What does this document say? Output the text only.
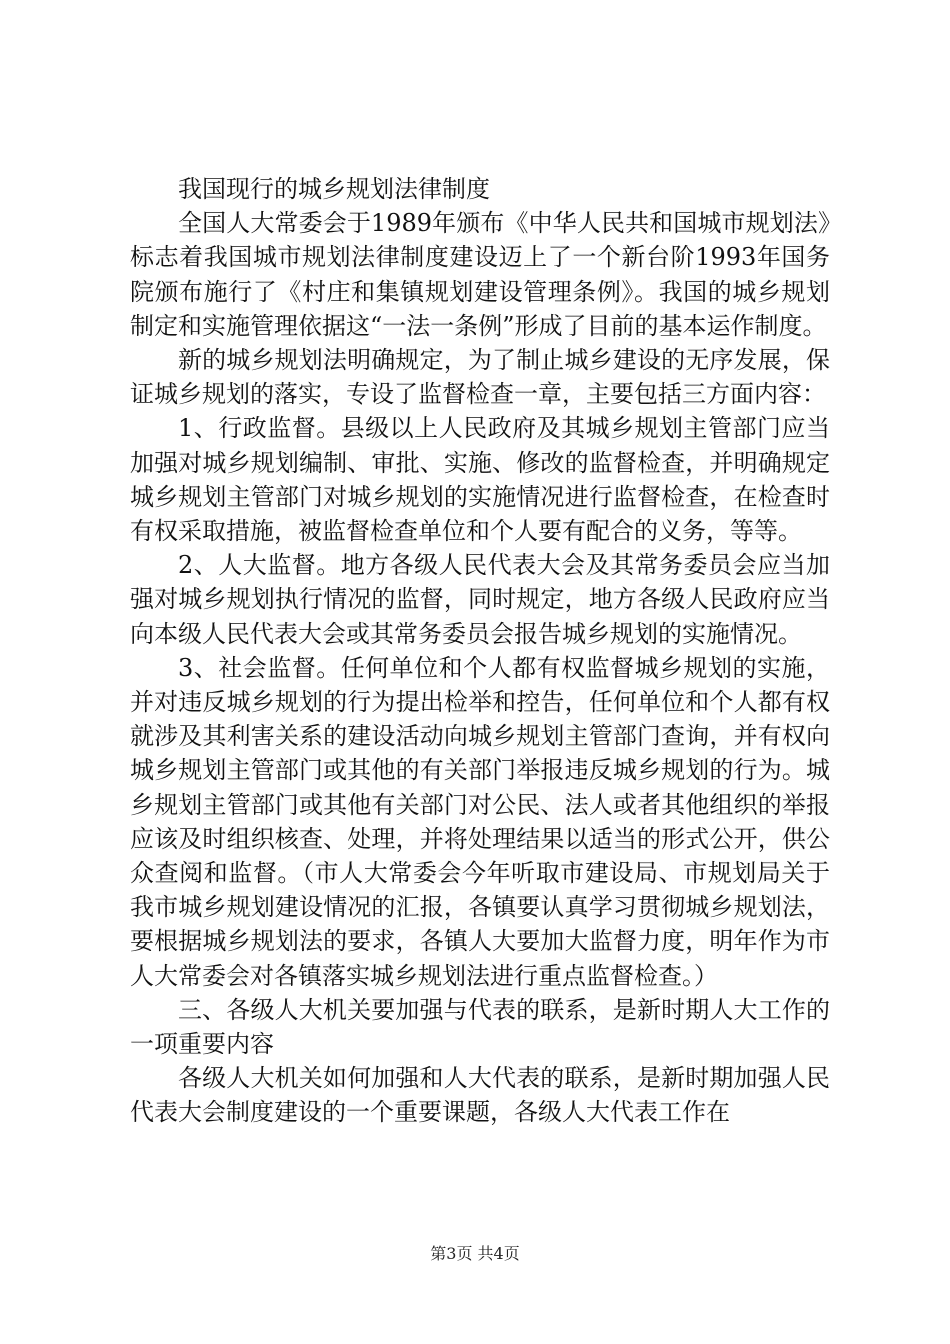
我国现行的城乡规划法律制度

全国人大常委会于1989年颁布《中华人民共和国城市规划法》标志着我国城市规划法律制度建设迈上了一个新台阶1993年国务院颁布施行了《村庄和集镇规划建设管理条例》。我国的城乡规划制定和实施管理依据这“一法一条例”形成了目前的基本运作制度。

新的城乡规划法明确规定，为了制止城乡建设的无序发展，保证城乡规划的落实，专设了监督检查一章，主要包括三方面内容：

1、行政监督。县级以上人民政府及其城乡规划主管部门应当加强对城乡规划编制、审批、实施、修改的监督检查，并明确规定城乡规划主管部门对城乡规划的实施情况进行监督检查，在检查时有权采取措施，被监督检查单位和个人要有配合的义务，等等。

2、人大监督。地方各级人民代表大会及其常务委员会应当加强对城乡规划执行情况的监督，同时规定，地方各级人民政府应当向本级人民代表大会或其常务委员会报告城乡规划的实施情况。

3、社会监督。任何单位和个人都有权监督城乡规划的实施，并对违反城乡规划的行为提出检举和控告，任何单位和个人都有权就涉及其利害关系的建设活动向城乡规划主管部门查询，并有权向城乡规划主管部门或其他的有关部门举报违反城乡规划的行为。城乡规划主管部门或其他有关部门对公民、法人或者其他组织的举报应该及时组织核查、处理，并将处理结果以适当的形式公开，供公众查阅和监督。（市人大常委会今年听取市建设局、市规划局关于我市城乡规划建设情况的汇报，各镇要认真学习贯彻城乡规划法，要根据城乡规划法的要求，各镇人大要加大监督力度，明年作为市人大常委会对各镇落实城乡规划法进行重点监督检查。）

三、各级人大机关要加强与代表的联系，是新时期人大工作的一项重要内容

各级人大机关如何加强和人大代表的联系，是新时期加强人民代表大会制度建设的一个重要课题，各级人大代表工作在

第3页 共4页
